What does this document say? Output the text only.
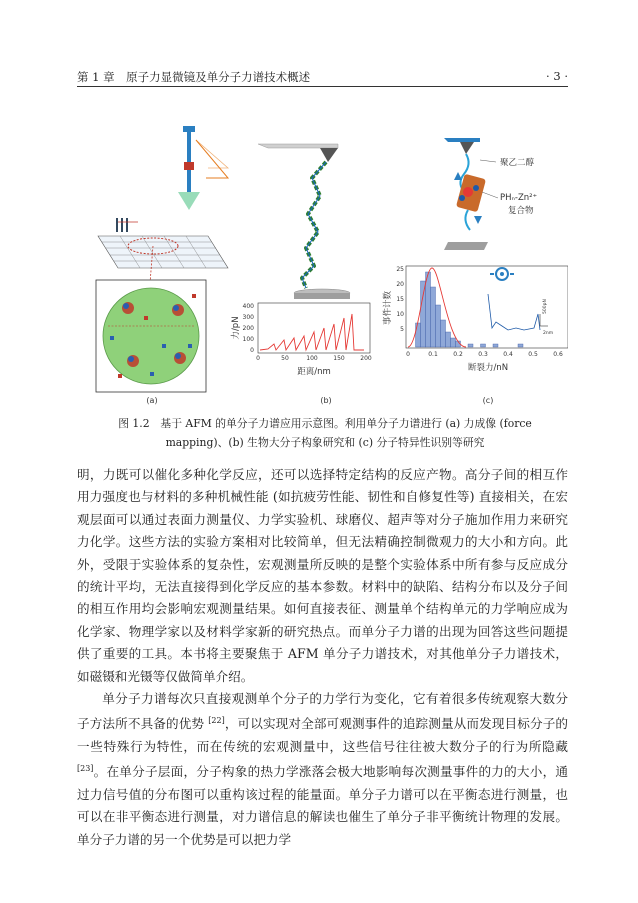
第 1 章　原子力显微镜及单分子力谱技术概述	· 3 ·
400
300
200
100
0
0	50	100	150	200
力/pN
距离/nm
聚乙二醇
PHₙ-Zn²⁺
复合物
25
20
15
10
5
0	0.1	0.2	0.3	0.4	0.5	0.6
事件计数
断裂力/nN
500pN
2nm
(a)	(b)	(c)
图 1.2　基于 AFM 的单分子力谱应用示意图。利用单分子力谱进行 (a) 力成像 (force
mapping)、(b) 生物大分子构象研究和 (c) 分子特异性识别等研究

明，力既可以催化多种化学反应，还可以选择特定结构的反应产物。高分子间的相互作用力强度也与材料的多种机械性能 (如抗疲劳性能、韧性和自修复性等) 直接相关，在宏观层面可以通过表面力测量仪、力学实验机、球磨仪、超声等对分子施加作用力来研究力化学。这些方法的实验方案相对比较简单，但无法精确控制微观力的大小和方向。此外，受限于实验体系的复杂性，宏观测量所反映的是整个实验体系中所有参与反应成分的统计平均，无法直接得到化学反应的基本参数。材料中的缺陷、结构分布以及分子间的相互作用均会影响宏观测量结果。如何直接表征、测量单个结构单元的力学响应成为化学家、物理学家以及材料学家新的研究热点。而单分子力谱的出现为回答这些问题提供了重要的工具。本书将主要聚焦于 AFM 单分子力谱技术，对其他单分子力谱技术，如磁镊和光镊等仅做简单介绍。

单分子力谱每次只直接观测单个分子的力学行为变化，它有着很多传统观察大数分子方法所不具备的优势 [22]，可以实现对全部可观测事件的追踪测量从而发现目标分子的一些特殊行为特性，而在传统的宏观测量中，这些信号往往被大数分子的行为所隐藏 [23]。在单分子层面，分子构象的热力学涨落会极大地影响每次测量事件的力的大小，通过力信号值的分布图可以重构该过程的能量面。单分子力谱可以在平衡态进行测量，也可以在非平衡态进行测量，对力谱信息的解读也催生了单分子非平衡统计物理的发展。单分子力谱的另一个优势是可以把力学
